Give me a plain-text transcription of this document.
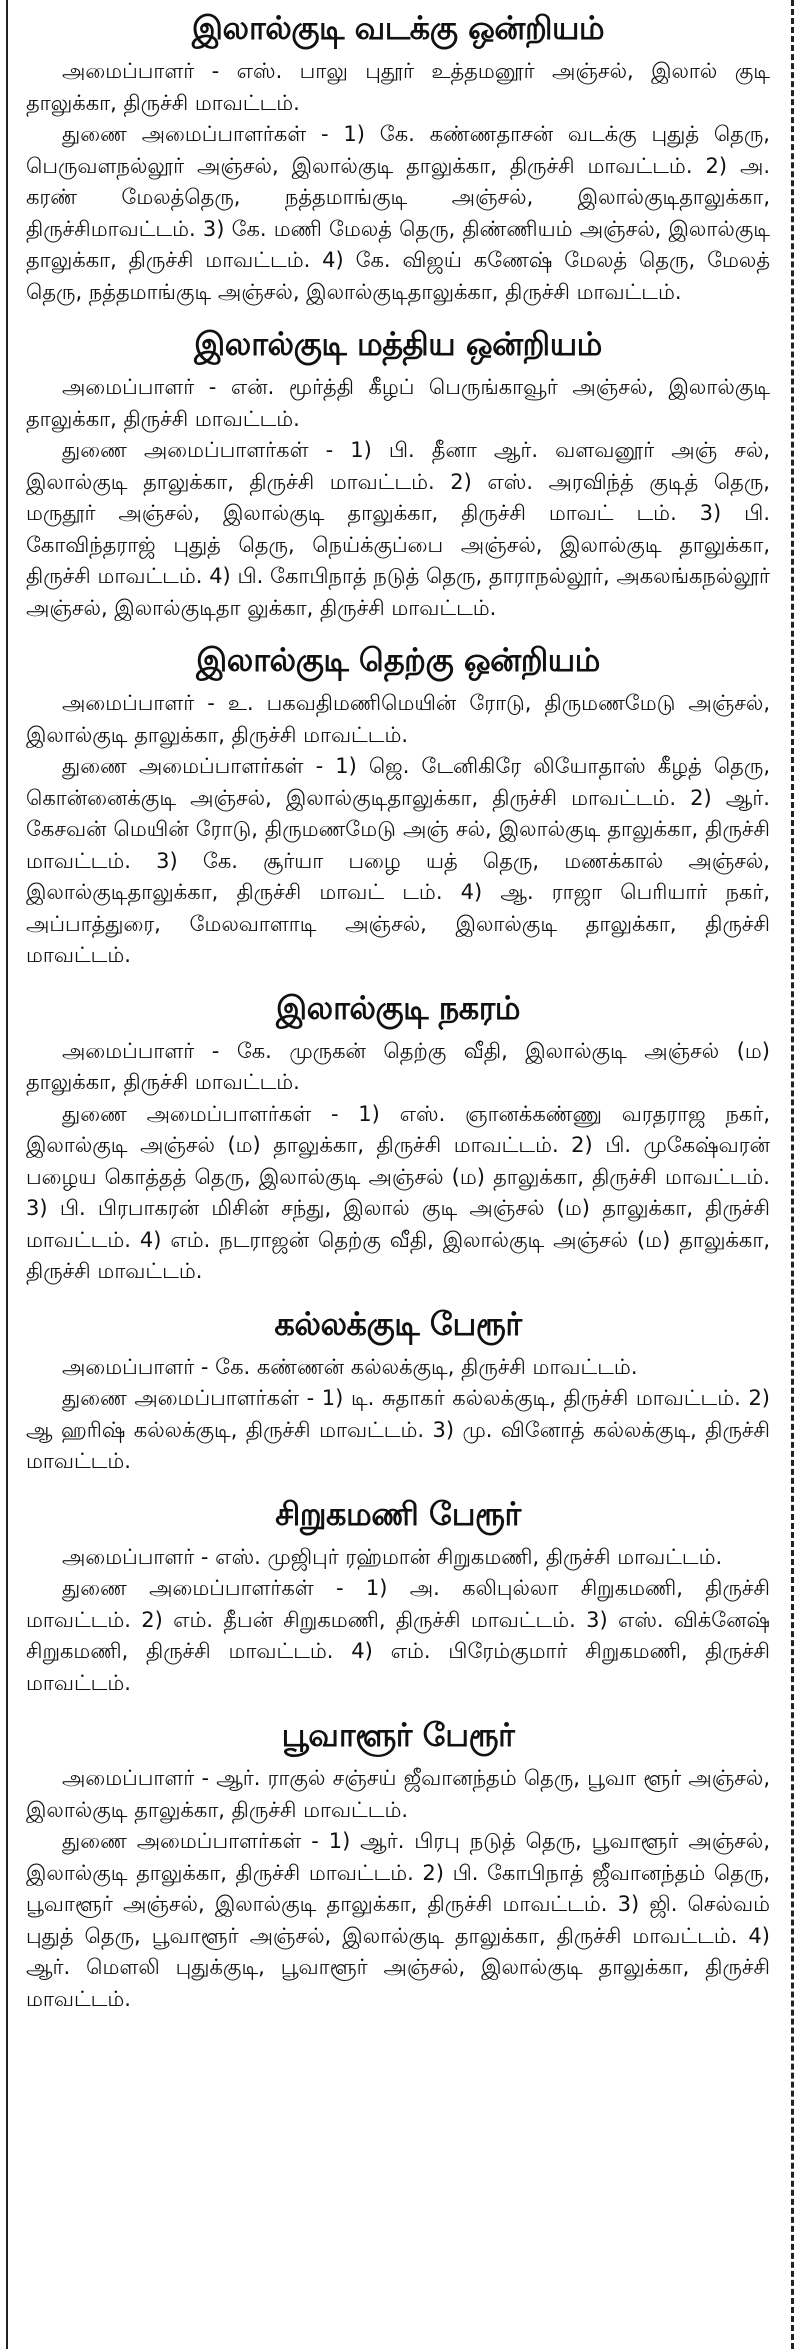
இலால்குடி வடக்கு ஒன்றியம்

அமைப்பாளர் - எஸ். பாலு புதூர் உத்தமனூர் அஞ்சல், இலால் குடி தாலுக்கா, திருச்சி மாவட்டம்.

துணை அமைப்பாளர்கள் - 1) கே. கண்ணதாசன் வடக்கு புதுத் தெரு, பெருவளநல்லூர் அஞ்சல், இலால்குடி தாலுக்கா, திருச்சி மாவட்டம். 2) அ. கரண் மேலத்தெரு, நத்தமாங்குடி அஞ்சல், இலால்குடிதாலுக்கா, திருச்சிமாவட்டம். 3) கே. மணி மேலத் தெரு, திண்ணியம் அஞ்சல், இலால்குடி தாலுக்கா, திருச்சி மாவட்டம். 4) கே. விஜய் கணேஷ் மேலத் தெரு, மேலத் தெரு, நத்தமாங்குடி அஞ்சல், இலால்குடிதாலுக்கா, திருச்சி மாவட்டம்.

இலால்குடி மத்திய ஒன்றியம்

அமைப்பாளர் - என். மூர்த்தி கீழப் பெருங்காவூர் அஞ்சல், இலால்குடி தாலுக்கா, திருச்சி மாவட்டம்.

துணை அமைப்பாளர்கள் - 1) பி. தீனா ஆர். வளவனூர் அஞ் சல், இலால்குடி தாலுக்கா, திருச்சி மாவட்டம். 2) எஸ். அரவிந்த் குடித் தெரு, மருதூர் அஞ்சல், இலால்குடி தாலுக்கா, திருச்சி மாவட் டம். 3) பி. கோவிந்தராஜ் புதுத் தெரு, நெய்க்குப்பை அஞ்சல், இலால்குடி தாலுக்கா, திருச்சி மாவட்டம். 4) பி. கோபிநாத் நடுத் தெரு, தாராநல்லூர், அகலங்கநல்லூர் அஞ்சல், இலால்குடிதா லுக்கா, திருச்சி மாவட்டம்.

இலால்குடி தெற்கு ஒன்றியம்

அமைப்பாளர் - உ. பகவதிமணிமெயின் ரோடு, திருமணமேடு அஞ்சல், இலால்குடி தாலுக்கா, திருச்சி மாவட்டம்.

துணை அமைப்பாளர்கள் - 1) ஜெ. டேனிகிரே லியோதாஸ் கீழத் தெரு, கொன்னைக்குடி அஞ்சல், இலால்குடிதாலுக்கா, திருச்சி மாவட்டம். 2) ஆர். கேசவன் மெயின் ரோடு, திருமணமேடு அஞ் சல், இலால்குடி தாலுக்கா, திருச்சி மாவட்டம். 3) கே. சூர்யா பழை யத் தெரு, மணக்கால் அஞ்சல், இலால்குடிதாலுக்கா, திருச்சி மாவட் டம். 4) ஆ. ராஜா பெரியார் நகர், அப்பாத்துரை, மேலவாளாடி அஞ்சல், இலால்குடி தாலுக்கா, திருச்சி மாவட்டம்.

இலால்குடி நகரம்

அமைப்பாளர் - கே. முருகன் தெற்கு வீதி, இலால்குடி அஞ்சல் (ம) தாலுக்கா, திருச்சி மாவட்டம்.

துணை அமைப்பாளர்கள் - 1) எஸ். ஞானக்கண்ணு வரதராஜ நகர், இலால்குடி அஞ்சல் (ம) தாலுக்கா, திருச்சி மாவட்டம். 2) பி. முகேஷ்வரன் பழைய கொத்தத் தெரு, இலால்குடி அஞ்சல் (ம) தாலுக்கா, திருச்சி மாவட்டம். 3) பி. பிரபாகரன் மிசின் சந்து, இலால் குடி அஞ்சல் (ம) தாலுக்கா, திருச்சி மாவட்டம். 4) எம். நடராஜன் தெற்கு வீதி, இலால்குடி அஞ்சல் (ம) தாலுக்கா, திருச்சி மாவட்டம்.

கல்லக்குடி பேரூர்

அமைப்பாளர் - கே. கண்ணன் கல்லக்குடி, திருச்சி மாவட்டம்.

துணை அமைப்பாளர்கள் - 1) டி. சுதாகர் கல்லக்குடி, திருச்சி மாவட்டம். 2) ஆ ஹரிஷ் கல்லக்குடி, திருச்சி மாவட்டம். 3) மு. வினோத் கல்லக்குடி, திருச்சி மாவட்டம்.

சிறுகமணி பேரூர்

அமைப்பாளர் - எஸ். முஜிபுர் ரஹ்மான் சிறுகமணி, திருச்சி மாவட்டம்.

துணை அமைப்பாளர்கள் - 1) அ. கலிபுல்லா சிறுகமணி, திருச்சி மாவட்டம். 2) எம். தீபன் சிறுகமணி, திருச்சி மாவட்டம். 3) எஸ். விக்னேஷ் சிறுகமணி, திருச்சி மாவட்டம். 4) எம். பிரேம்குமார் சிறுகமணி, திருச்சி மாவட்டம்.

பூவாளூர் பேரூர்

அமைப்பாளர் - ஆர். ராகுல் சஞ்சய் ஜீவானந்தம் தெரு, பூவா ளூர் அஞ்சல், இலால்குடி தாலுக்கா, திருச்சி மாவட்டம்.

துணை அமைப்பாளர்கள் - 1) ஆர். பிரபு நடுத் தெரு, பூவாளூர் அஞ்சல், இலால்குடி தாலுக்கா, திருச்சி மாவட்டம். 2) பி. கோபிநாத் ஜீவானந்தம் தெரு, பூவாளூர் அஞ்சல், இலால்குடி தாலுக்கா, திருச்சி மாவட்டம். 3) ஜி. செல்வம் புதுத் தெரு, பூவாளூர் அஞ்சல், இலால்குடி தாலுக்கா, திருச்சி மாவட்டம். 4) ஆர். மௌலி புதுக்குடி, பூவாளூர் அஞ்சல், இலால்குடி தாலுக்கா, திருச்சி மாவட்டம்.
